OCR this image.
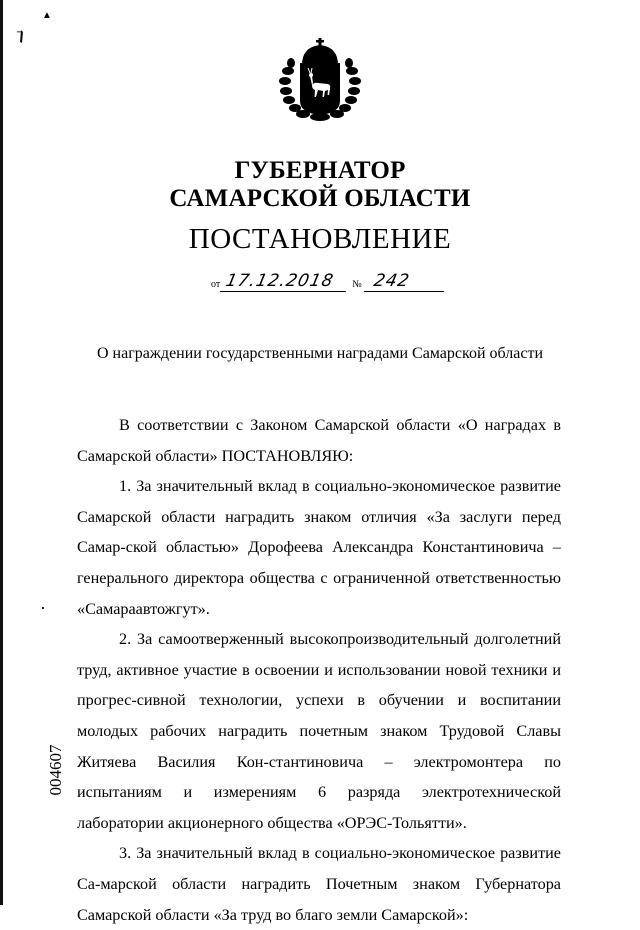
▲
ГУБЕРНАТОР
САМАРСКОЙ ОБЛАСТИ
ПОСТАНОВЛЕНИЕ
от 17.12.2018	№ 242
О награждении государственными наградами Самарской области

В соответствии с Законом Самарской области «О наградах в Самарской области» ПОСТАНОВЛЯЮ:

1. За значительный вклад в социально-экономическое развитие Самарской области наградить знаком отличия «За заслуги перед Самар-ской областью» Дорофеева Александра Константиновича – генерального директора общества с ограниченной ответственностью «Самараавтожгут».

2. За самоотверженный высокопроизводительный долголетний труд, активное участие в освоении и использовании новой техники и прогрес-сивной технологии, успехи в обучении и воспитании молодых рабочих наградить почетным знаком Трудовой Славы Житяева Василия Кон-стантиновича – электромонтера по испытаниям и измерениям 6 разряда электротехнической лаборатории акционерного общества «ОРЭС-Тольятти».

3. За значительный вклад в социально-экономическое развитие Са-марской области наградить Почетным знаком Губернатора Самарской области «За труд во благо земли Самарской»:

004607
